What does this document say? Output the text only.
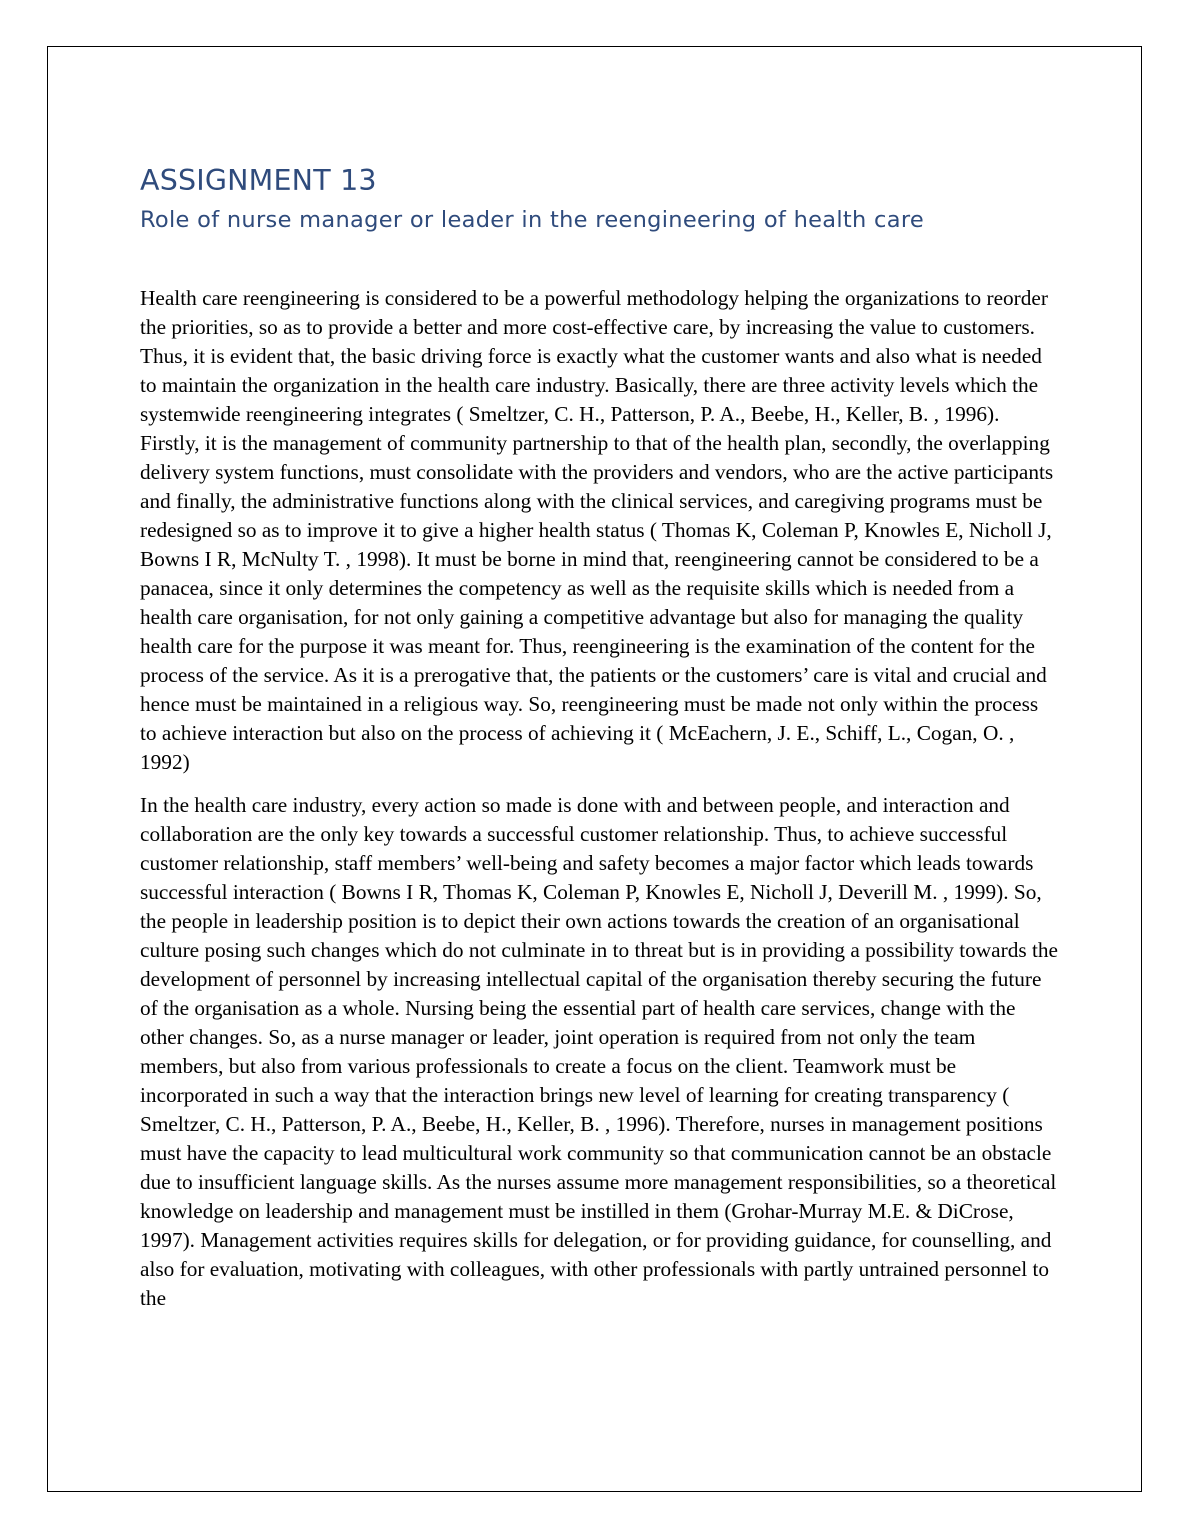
ASSIGNMENT 13
Role of nurse manager or leader in the reengineering of health care

Health care reengineering is considered to be a powerful methodology helping the organizations to reorder the priorities, so as to provide a better and more cost-effective care, by increasing the value to customers. Thus, it is evident that, the basic driving force is exactly what the customer wants and also what is needed to maintain the organization in the health care industry. Basically, there are three activity levels which the systemwide reengineering integrates ( Smeltzer, C. H., Patterson, P. A., Beebe, H., Keller, B. , 1996). Firstly, it is the management of community partnership to that of the health plan, secondly, the overlapping delivery system functions, must consolidate with the providers and vendors, who are the active participants and finally, the administrative functions along with the clinical services, and caregiving programs must be redesigned so as to improve it to give a higher health status ( Thomas K, Coleman P, Knowles E, Nicholl J, Bowns I R, McNulty T. , 1998). It must be borne in mind that, reengineering cannot be considered to be a panacea, since it only determines the competency as well as the requisite skills which is needed from a health care organisation, for not only gaining a competitive advantage but also for managing the quality health care for the purpose it was meant for. Thus, reengineering is the examination of the content for the process of the service. As it is a prerogative that, the patients or the customers’ care is vital and crucial and hence must be maintained in a religious way. So, reengineering must be made not only within the process to achieve interaction but also on the process of achieving it ( McEachern, J. E., Schiff, L., Cogan, O. , 1992)

In the health care industry, every action so made is done with and between people, and interaction and collaboration are the only key towards a successful customer relationship. Thus, to achieve successful customer relationship, staff members’ well-being and safety becomes a major factor which leads towards successful interaction ( Bowns I R, Thomas K, Coleman P, Knowles E, Nicholl J, Deverill M. , 1999). So, the people in leadership position is to depict their own actions towards the creation of an organisational culture posing such changes which do not culminate in to threat but is in providing a possibility towards the development of personnel by increasing intellectual capital of the organisation thereby securing the future of the organisation as a whole. Nursing being the essential part of health care services, change with the other changes. So, as a nurse manager or leader, joint operation is required from not only the team members, but also from various professionals to create a focus on the client. Teamwork must be incorporated in such a way that the interaction brings new level of learning for creating transparency ( Smeltzer, C. H., Patterson, P. A., Beebe, H., Keller, B. , 1996). Therefore, nurses in management positions must have the capacity to lead multicultural work community so that communication cannot be an obstacle due to insufficient language skills. As the nurses assume more management responsibilities, so a theoretical knowledge on leadership and management must be instilled in them (Grohar-Murray M.E. & DiCrose, 1997). Management activities requires skills for delegation, or for providing guidance, for counselling, and also for evaluation, motivating with colleagues, with other professionals with partly untrained personnel to the
